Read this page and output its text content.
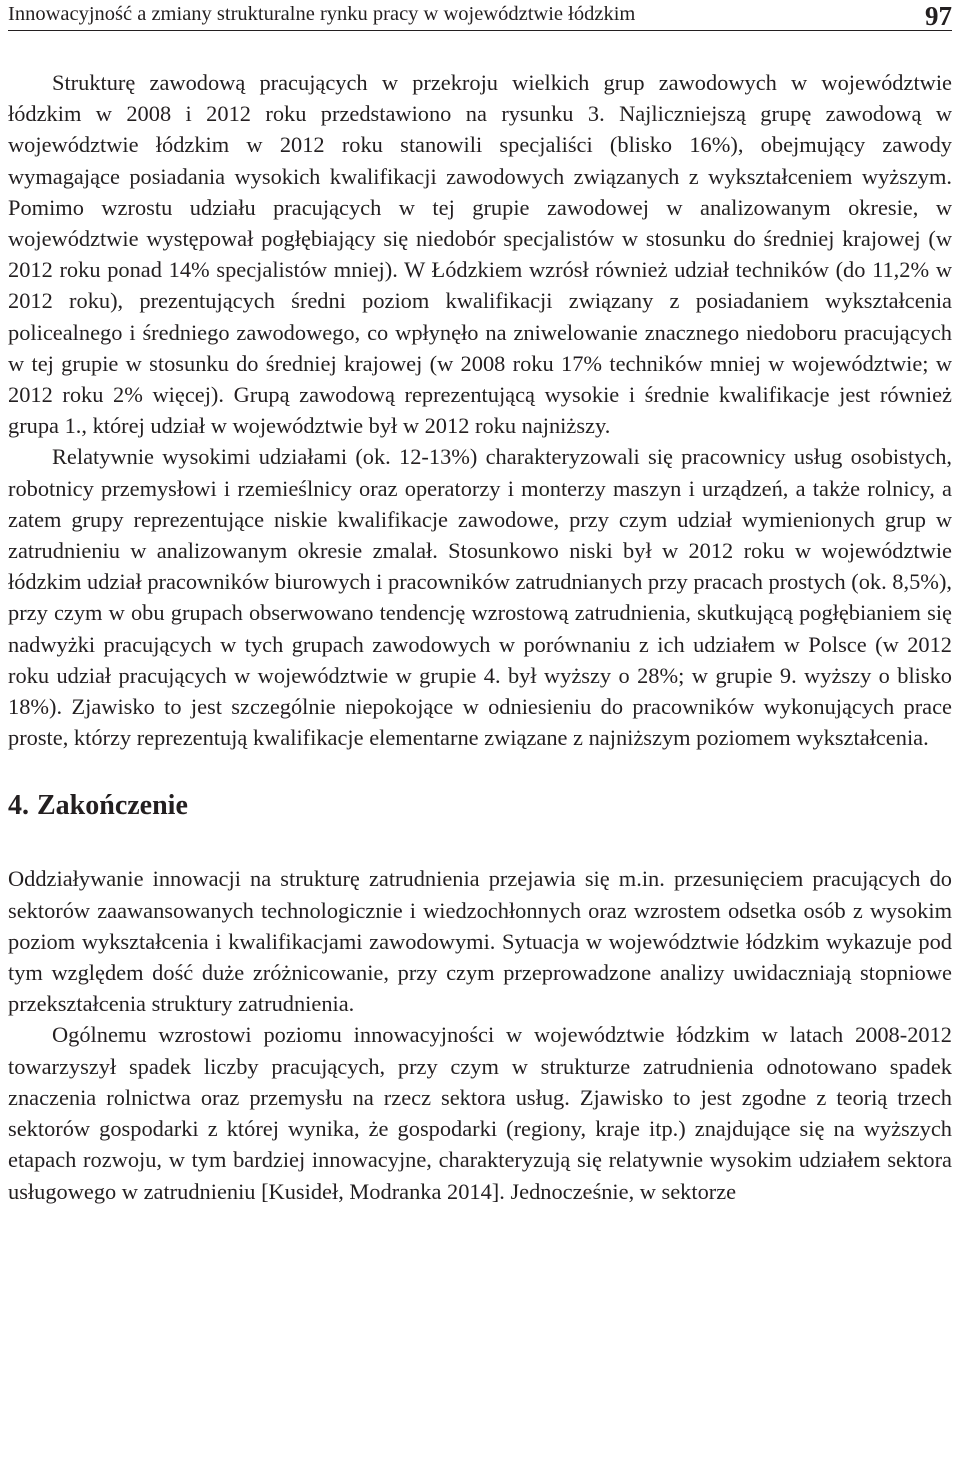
Innowacyjność a zmiany strukturalne rynku pracy w województwie łódzkim	97

Strukturę zawodową pracujących w przekroju wielkich grup zawodowych w województwie łódzkim w 2008 i 2012 roku przedstawiono na rysunku 3. Najliczniejszą grupę zawodową w województwie łódzkim w 2012 roku stanowili specjaliści (blisko 16%), obejmujący zawody wymagające posiadania wysokich kwalifikacji zawodowych związanych z wykształceniem wyższym. Pomimo wzrostu udziału pracujących w tej grupie zawodowej w analizowanym okresie, w województwie występował pogłębiający się niedobór specjalistów w stosunku do średniej krajowej (w 2012 roku ponad 14% specjalistów mniej). W Łódzkiem wzrósł również udział techników (do 11,2% w 2012 roku), prezentujących średni poziom kwalifikacji związany z posiadaniem wykształcenia policealnego i średniego zawodowego, co wpłynęło na zniwelowanie znacznego niedoboru pracujących w tej grupie w stosunku do średniej krajowej (w 2008 roku 17% techników mniej w województwie; w 2012 roku 2% więcej). Grupą zawodową reprezentującą wysokie i średnie kwalifikacje jest również grupa 1., której udział w województwie był w 2012 roku najniższy.

Relatywnie wysokimi udziałami (ok. 12-13%) charakteryzowali się pracownicy usług osobistych, robotnicy przemysłowi i rzemieślnicy oraz operatorzy i monterzy maszyn i urządzeń, a także rolnicy, a zatem grupy reprezentujące niskie kwalifikacje zawodowe, przy czym udział wymienionych grup w zatrudnieniu w analizowanym okresie zmalał. Stosunkowo niski był w 2012 roku w województwie łódzkim udział pracowników biurowych i pracowników zatrudnianych przy pracach prostych (ok. 8,5%), przy czym w obu grupach obserwowano tendencję wzrostową zatrudnienia, skutkującą pogłębianiem się nadwyżki pracujących w tych grupach zawodowych w porównaniu z ich udziałem w Polsce (w 2012 roku udział pracujących w województwie w grupie 4. był wyższy o 28%; w grupie 9. wyższy o blisko 18%). Zjawisko to jest szczególnie niepokojące w odniesieniu do pracowników wykonujących prace proste, którzy reprezentują kwalifikacje elementarne związane z najniższym poziomem wykształcenia.

4. Zakończenie

Oddziaływanie innowacji na strukturę zatrudnienia przejawia się m.in. przesunięciem pracujących do sektorów zaawansowanych technologicznie i wiedzochłonnych oraz wzrostem odsetka osób z wysokim poziom wykształcenia i kwalifikacjami zawodowymi. Sytuacja w województwie łódzkim wykazuje pod tym względem dość duże zróżnicowanie, przy czym przeprowadzone analizy uwidaczniają stopniowe przekształcenia struktury zatrudnienia.

Ogólnemu wzrostowi poziomu innowacyjności w województwie łódzkim w latach 2008-2012 towarzyszył spadek liczby pracujących, przy czym w strukturze zatrudnienia odnotowano spadek znaczenia rolnictwa oraz przemysłu na rzecz sektora usług. Zjawisko to jest zgodne z teorią trzech sektorów gospodarki z której wynika, że gospodarki (regiony, kraje itp.) znajdujące się na wyższych etapach rozwoju, w tym bardziej innowacyjne, charakteryzują się relatywnie wysokim udziałem sektora usługowego w zatrudnieniu [Kusideł, Modranka 2014]. Jednocześnie, w sektorze
